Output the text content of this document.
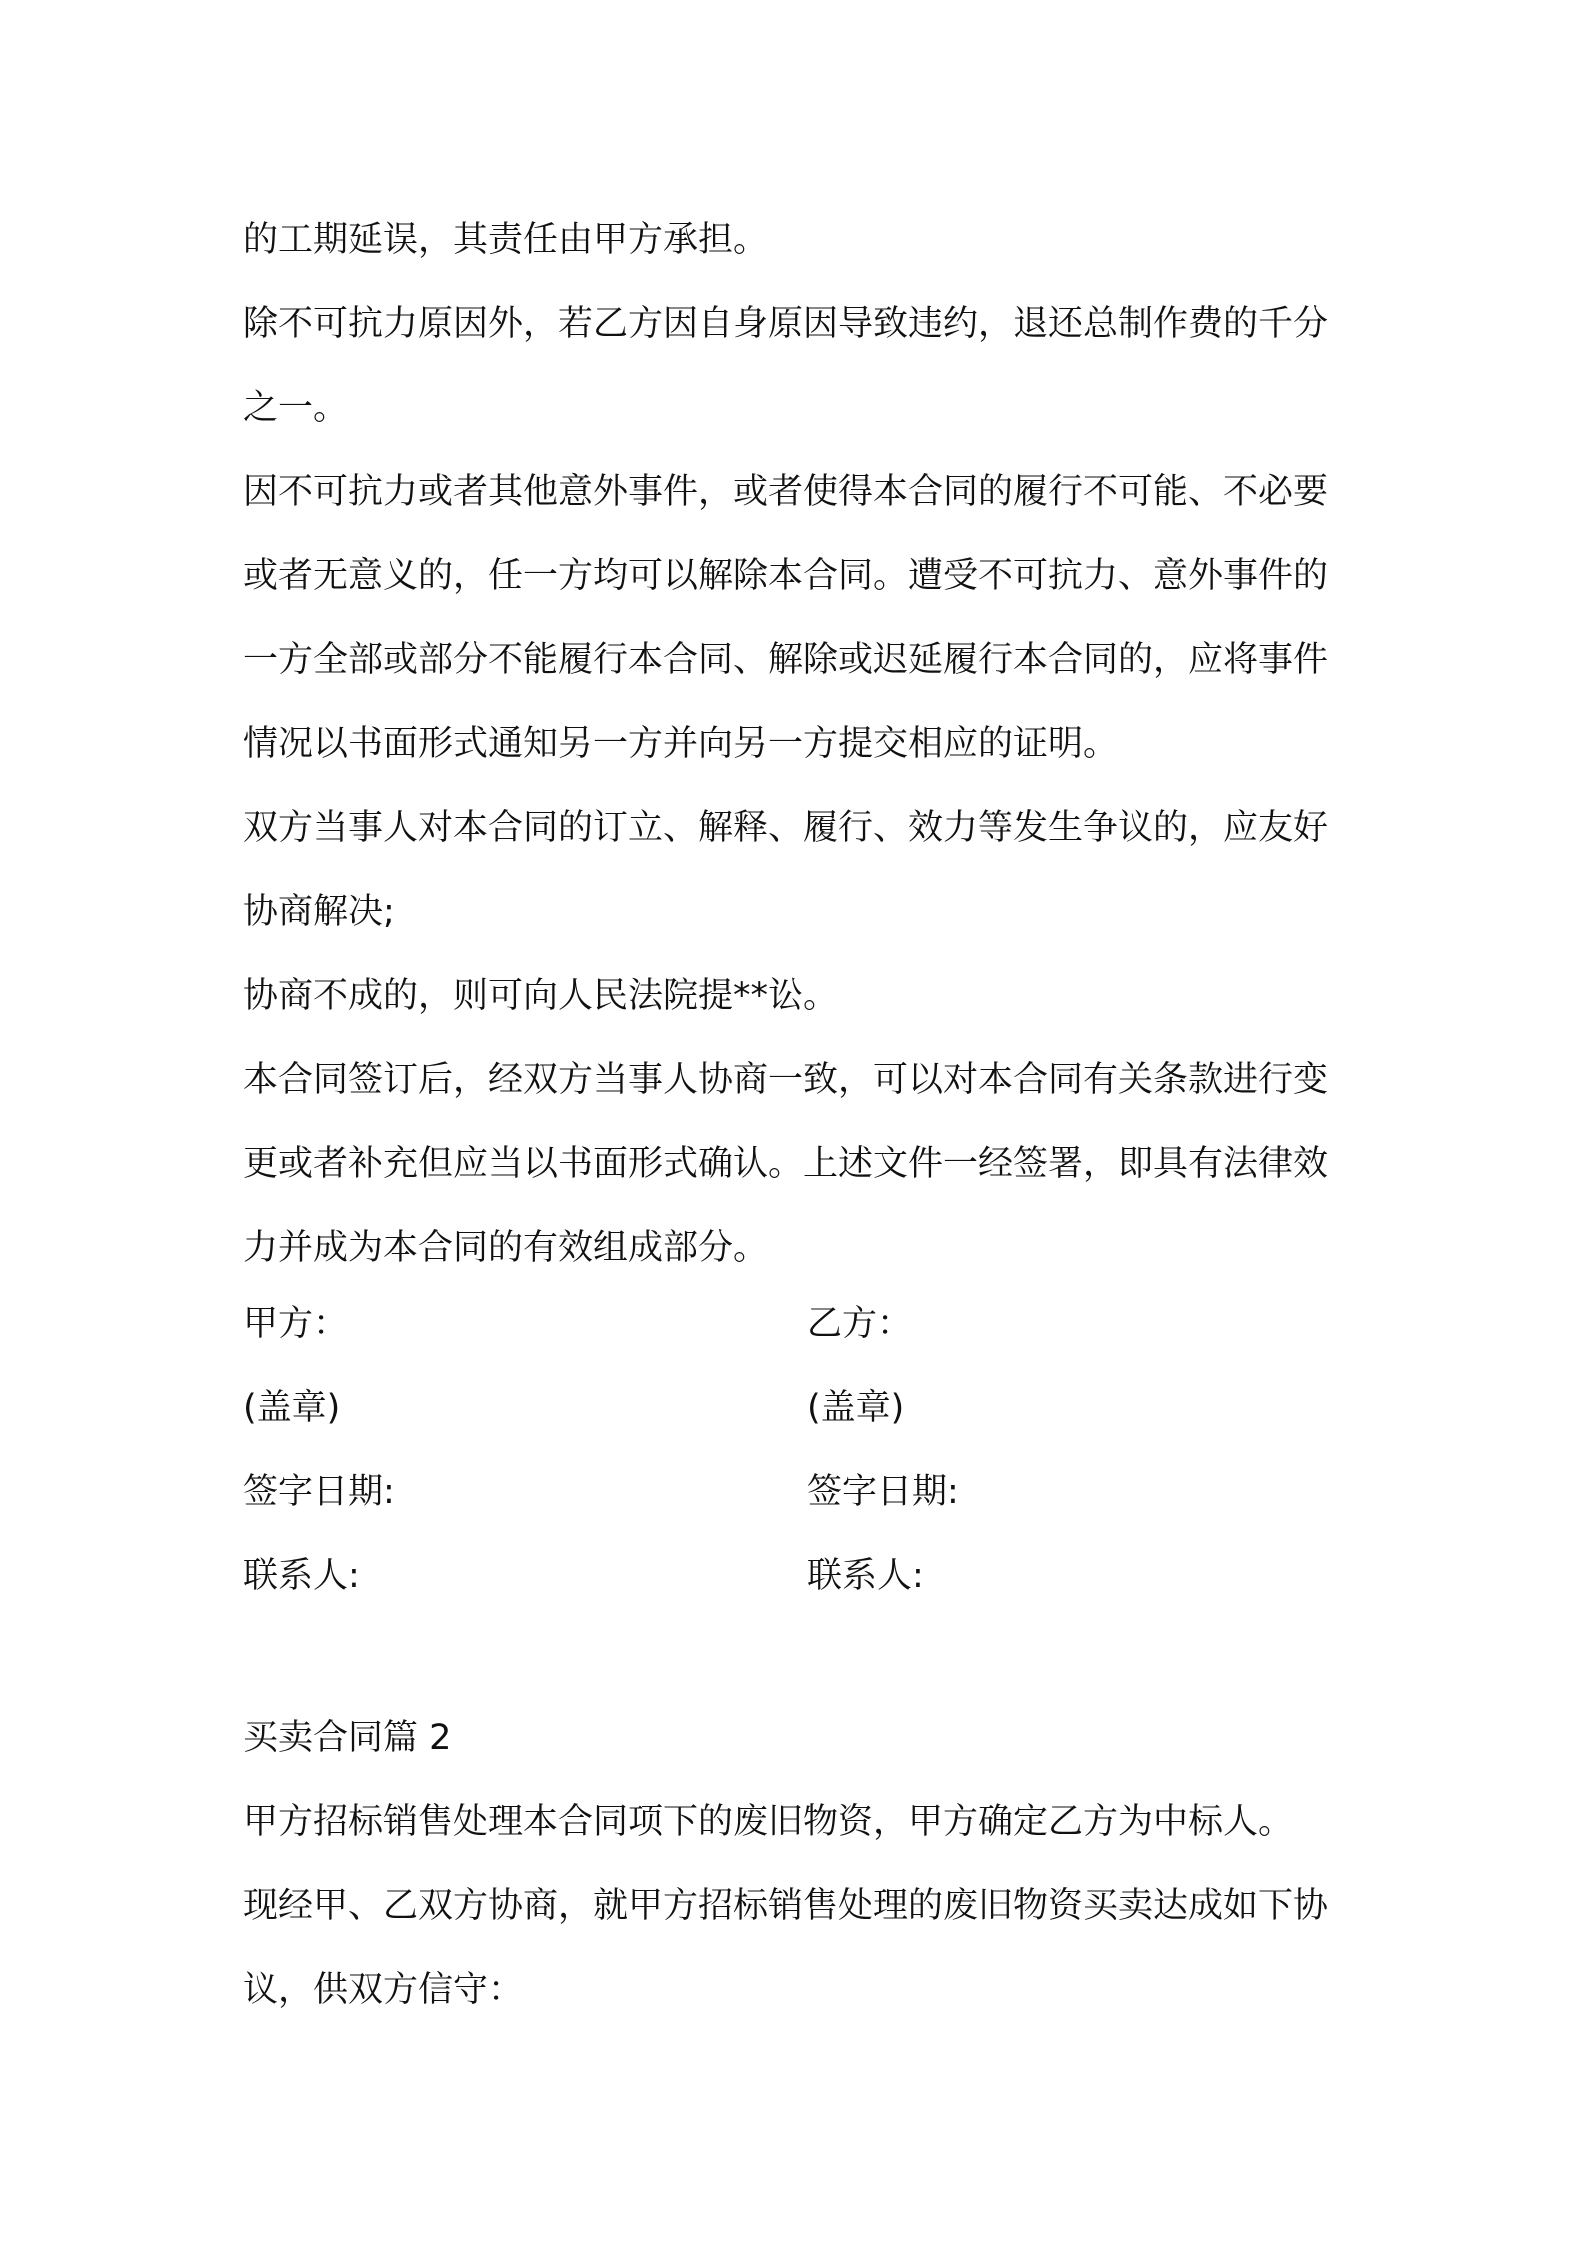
的工期延误，其责任由甲方承担。

除不可抗力原因外，若乙方因自身原因导致违约，退还总制作费的千分之一。

因不可抗力或者其他意外事件，或者使得本合同的履行不可能、不必要或者无意义的，任一方均可以解除本合同。遭受不可抗力、意外事件的一方全部或部分不能履行本合同、解除或迟延履行本合同的，应将事件情况以书面形式通知另一方并向另一方提交相应的证明。

双方当事人对本合同的订立、解释、履行、效力等发生争议的，应友好协商解决;

协商不成的，则可向人民法院提**讼。

本合同签订后，经双方当事人协商一致，可以对本合同有关条款进行变更或者补充但应当以书面形式确认。上述文件一经签署，即具有法律效力并成为本合同的有效组成部分。

甲方：	乙方：
(盖章)	(盖章)
签字日期:	签字日期:
联系人:	联系人:
买卖合同篇 2

甲方招标销售处理本合同项下的废旧物资，甲方确定乙方为中标人。

现经甲、乙双方协商，就甲方招标销售处理的废旧物资买卖达成如下协议，供双方信守：
